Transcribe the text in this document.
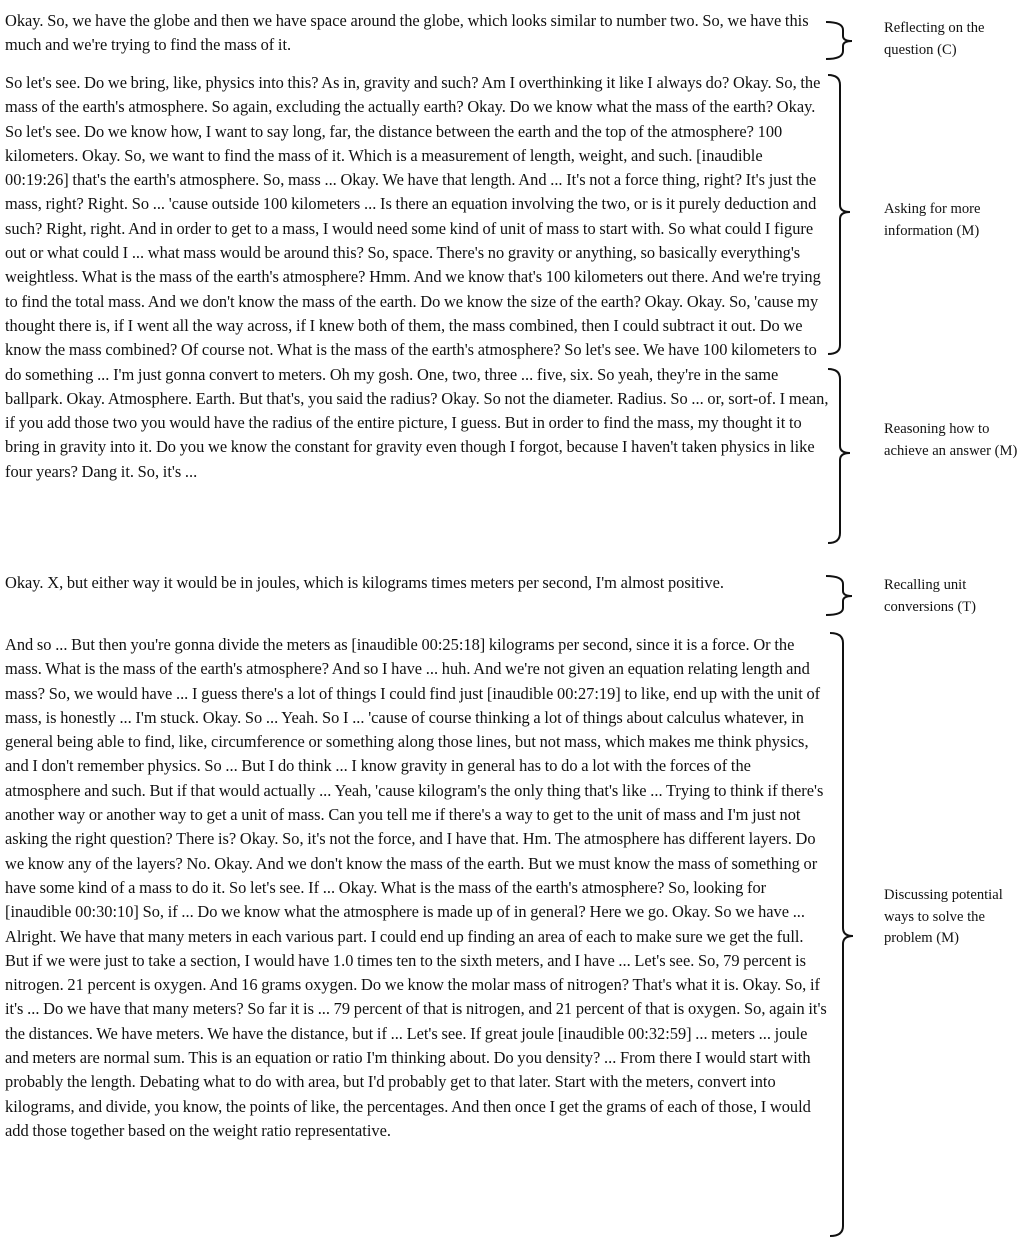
Okay. So, we have the globe and then we have space around the globe, which looks similar to number two. So, we have this much and we're trying to find the mass of it.

So let's see. Do we bring, like, physics into this? As in, gravity and such? Am I overthinking it like I always do? Okay. So, the mass of the earth's atmosphere. So again, excluding the actually earth? Okay. Do we know what the mass of the earth? Okay. So let's see. Do we know how, I want to say long, far, the distance between the earth and the top of the atmosphere? 100 kilometers. Okay. So, we want to find the mass of it. Which is a measurement of length, weight, and such. [inaudible 00:19:26] that's the earth's atmosphere. So, mass ... Okay. We have that length. And ... It's not a force thing, right? It's just the mass, right? Right. So ... 'cause outside 100 kilometers ... Is there an equation involving the two, or is it purely deduction and such? Right, right. And in order to get to a mass, I would need some kind of unit of mass to start with. So what could I figure out or what could I ... what mass would be around this? So, space. There's no gravity or anything, so basically everything's weightless. What is the mass of the earth's atmosphere? Hmm. And we know that's 100 kilometers out there. And we're trying to find the total mass. And we don't know the mass of the earth. Do we know the size of the earth? Okay. Okay. So, 'cause my thought there is, if I went all the way across, if I knew both of them, the mass combined, then I could subtract it out. Do we know the mass combined? Of course not. What is the mass of the earth's atmosphere? So let's see. We have 100 kilometers to do something ... I'm just gonna convert to meters. Oh my gosh. One, two, three ... five, six. So yeah, they're in the same ballpark. Okay. Atmosphere. Earth. But that's, you said the radius? Okay. So not the diameter. Radius. So ... or, sort-of. I mean, if you add those two you would have the radius of the entire picture, I guess. But in order to find the mass, my thought it to bring in gravity into it. Do you we know the constant for gravity even though I forgot, because I haven't taken physics in like four years? Dang it. So, it's ...

Okay. X, but either way it would be in joules, which is kilograms times meters per second, I'm almost positive.

And so ... But then you're gonna divide the meters as [inaudible 00:25:18] kilograms per second, since it is a force. Or the mass. What is the mass of the earth's atmosphere? And so I have ... huh. And we're not given an equation relating length and mass? So, we would have ... I guess there's a lot of things I could find just [inaudible 00:27:19] to like, end up with the unit of mass, is honestly ... I'm stuck. Okay. So ... Yeah. So I ... 'cause of course thinking a lot of things about calculus whatever, in general being able to find, like, circumference or something along those lines, but not mass, which makes me think physics, and I don't remember physics. So ... But I do think ... I know gravity in general has to do a lot with the forces of the atmosphere and such. But if that would actually ... Yeah, 'cause kilogram's the only thing that's like ... Trying to think if there's another way or another way to get a unit of mass. Can you tell me if there's a way to get to the unit of mass and I'm just not asking the right question? There is? Okay. So, it's not the force, and I have that. Hm. The atmosphere has different layers. Do we know any of the layers? No. Okay. And we don't know the mass of the earth. But we must know the mass of something or have some kind of a mass to do it. So let's see. If ... Okay. What is the mass of the earth's atmosphere? So, looking for [inaudible 00:30:10] So, if ... Do we know what the atmosphere is made up of in general? Here we go. Okay. So we have ... Alright. We have that many meters in each various part. I could end up finding an area of each to make sure we get the full. But if we were just to take a section, I would have 1.0 times ten to the sixth meters, and I have ... Let's see. So, 79 percent is nitrogen. 21 percent is oxygen. And 16 grams oxygen. Do we know the molar mass of nitrogen? That's what it is. Okay. So, if it's ... Do we have that many meters? So far it is ... 79 percent of that is nitrogen, and 21 percent of that is oxygen. So, again it's the distances. We have meters. We have the distance, but if ... Let's see. If great joule [inaudible 00:32:59] ... meters ... joule and meters are normal sum. This is an equation or ratio I'm thinking about. Do you density? ... From there I would start with probably the length. Debating what to do with area, but I'd probably get to that later. Start with the meters, convert into kilograms, and divide, you know, the points of like, the percentages. And then once I get the grams of each of those, I would add those together based on the weight ratio representative.

Reflecting on the question (C)

Asking for more information (M)

Reasoning how to achieve an answer (M)

Recalling unit conversions (T)

Discussing potential ways to solve the problem (M)
